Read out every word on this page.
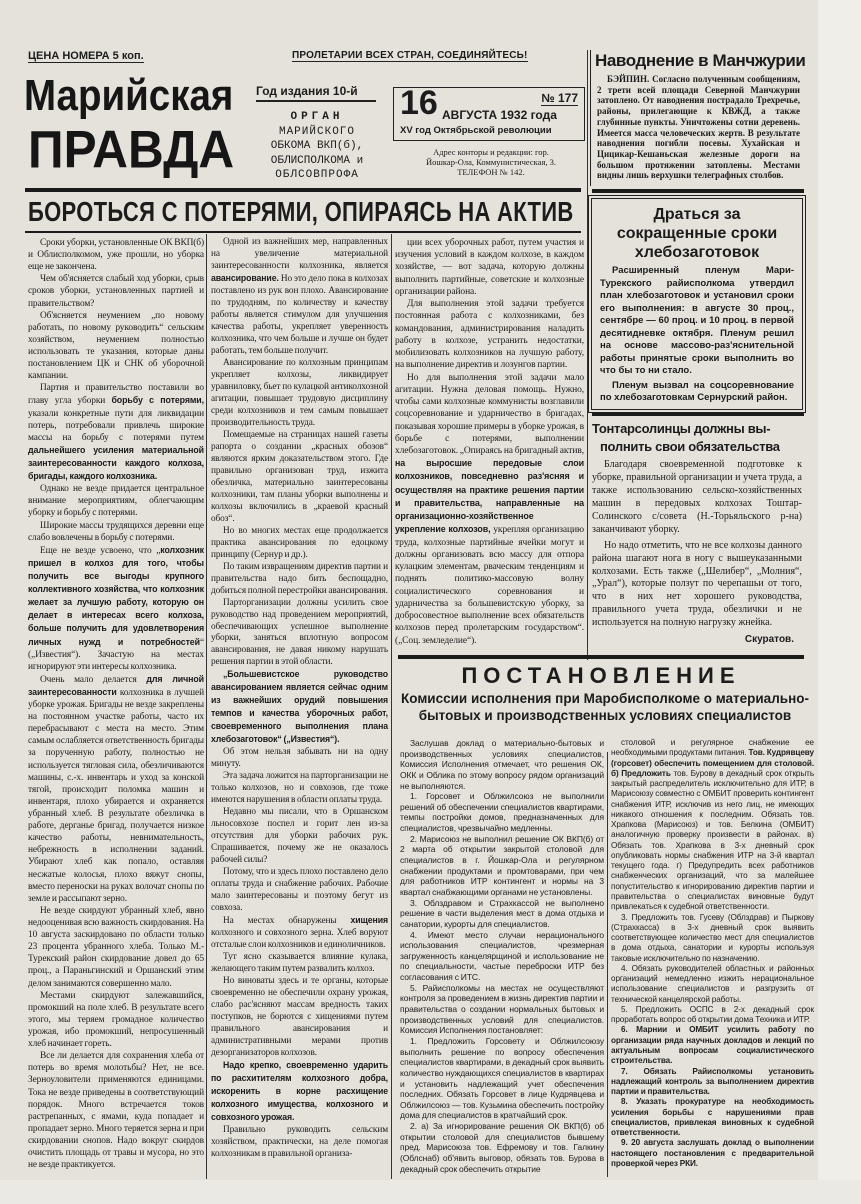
ЦЕНА НОМЕРА 5 коп.	ПРОЛЕТАРИИ ВСЕХ СТРАН, СОЕДИНЯЙТЕСЬ!
Марийская
ПРАВДА
Год издания 10-й
ОРГАН
МАРИЙСКОГО
ОБКОМА ВКП(б),
ОБЛИСПОЛКОМА и
ОБЛСОВПРОФА
16	№ 177
АВГУСТА 1932 года
XV год Октябрьской революции
Адрес конторы и редакции: гор.
Йошкар-Ола, Коммунистическая, 3.
ТЕЛЕФОН № 142.
Наводнение в Манчжурии

БЭЙПИН. Согласно полученным сообщениям, 2 трети всей площади Северной Манчжурии затоплено. От наводнения пострадало Трехречье, районы, прилегающие к КВЖД, а также глубинные пункты. Уничтожены сотни деревень. Имеется масса человеческих жертв. В результате наводнения погибли посевы. Хухайская и Цицикар-Кешаньская железные дороги на большом протяжении затоплены. Местами видны лишь верхушки телеграфных столбов.

БОРОТЬСЯ С ПОТЕРЯМИ, ОПИРАЯСЬ НА АКТИВ

Сроки уборки, установленные ОК ВКП(б) и Облисполкомом, уже прошли, но уборка еще не закончена.

Чем об'ясняется слабый ход уборки, срыв сроков уборки, установленных партией и правительством?

Об'ясняется неумением „по новому работать, по новому руководить“ сельским хозяйством, неумением полностью использовать те указания, которые даны постановлением ЦК и СНК об уборочной кампании.

Партия и правительство поставили во главу угла уборки борьбу с потерями, указали конкретные пути для ликвидации потерь, потребовали привлечь широкие массы на борьбу с потерями путем дальнейшего усиления материальной заинтересованности каждого колхоза, бригады, каждого колхозника.

Однако не везде придается центральное внимание мероприятиям, облегчающим уборку и борьбу с потерями.

Широкие массы трудящихся деревни еще слабо вовлечены в борьбу с потерями.

Еще не везде усвоено, что „колхозник пришел в колхоз для того, чтобы получить все выгоды крупного коллективного хозяйства, что колхозник желает за лучшую работу, которую он делает в интересах всего колхоза, больше получить для удовлетворения личных нужд и потребностей“ („Известия“). Зачастую на местах игнорируют эти интересы колхозника.

Очень мало делается для личной заинтересованности колхозника в лучшей уборке урожая. Бригады не везде закреплены на постоянном участке работы, часто их перебрасывают с места на место. Этим самым ослабляется ответственность бригады за порученную работу, полностью не используется тягловая сила, обезличиваются машины, с.-х. инвентарь и уход за конской тягой, происходит поломка машин и инвентаря, плохо убирается и охраняется убранный хлеб. В результате обезличка в работе, дерганье бригад, получается низкое качество работы, невнимательность, небрежность в исполнении заданий. Убирают хлеб как попало, оставляя несжатые колосья, плохо вяжут снопы, вместо переноски на руках волочат снопы по земле и рассыпают зерно.

Не везде скирдуют убранный хлеб, явно недооценивая всю важность скирдования. На 10 августа заскирдовано по области только 23 процента убранного хлеба. Только М.-Турекский район скирдование довел до 65 проц., а Параньгинский и Оршанский этим делом занимаются совершенно мало.

Местами скирдуют залежавшийся, промокший на поле хлеб. В результате всего этого, мы теряем громадное количество урожая, ибо промокший, непросушенный хлеб начинает гореть.

Все ли делается для сохранения хлеба от потерь во время молотьбы? Нет, не все. Зерноуловители применяются единицами. Тока не везде приведены в соответствующий порядок. Много встречается токов растрепанных, с ямами, куда попадает и пропадает зерно. Много теряется зерна и при скирдовании снопов. Надо вокруг скирдов очистить площадь от травы и мусора, но это не везде практикуется.

Одной из важнейших мер, направленных на увеличение материальной заинтересованности колхозника, является авансирование. Но это дело пока в колхозах поставлено из рук вон плохо. Авансирование по трудодням, по количеству и качеству работы является стимулом для улучшения качества работы, укрепляет уверенность колхозника, что чем больше и лучше он будет работать, тем больше получит.

Авансирование по колхозным принципам укрепляет колхозы, ликвидирует уравниловку, бьет по кулацкой антиколхозной агитации, повышает трудовую дисциплину среди колхозников и тем самым повышает производительность труда.

Помещаемые на страницах нашей газеты рапорта о создании „красных обозов“ являются ярким доказательством этого. Где правильно организован труд, изжита обезличка, материально заинтересованы колхозники, там планы уборки выполнены и колхозы включились в „краевой красный обоз“.

Но во многих местах еще продолжается практика авансирования по едоцкому принципу (Сернур и др.).

По таким извращениям директив партии и правительства надо бить беспощадно, добиться полной перестройки авансирования.

Парторганизации должны усилить свое руководство над проведением мероприятий, обеспечивающих успешное выполнение уборки, заняться вплотную вопросом авансирования, не давая никому нарушать решения партии в этой области.

„Большевистское руководство авансированием является сейчас одним из важнейших орудий повышения темпов и качества уборочных работ, своевременного выполнения плана хлебозаготовок“ („Известия“).

Об этом нельзя забывать ни на одну минуту.

Эта задача ложится на парторганизации не только колхозов, но и совхозов, где тоже имеются нарушения в области оплаты труда.

Недавно мы писали, что в Оршанском льносовхозе поспел и горит лен из-за отсутствия для уборки рабочих рук. Спрашивается, почему же не оказалось рабочей силы?

Потому, что и здесь плохо поставлено дело оплаты труда и снабжение рабочих. Рабочие мало заинтересованы и поэтому бегут из совхоза.

На местах обнаружены хищения колхозного и совхозного зерна. Хлеб воруют отсталые слои колхозников и единоличников.

Тут ясно сказывается влияние кулака, желающего таким путем развалить колхоз.

Но виноваты здесь и те органы, которые своевременно не обеспечили охрану урожая, слабо рас'ясняют массам вредность таких поступков, не борются с хищениями путем правильного авансирования и административными мерами против дезорганизаторов колхозов.

Надо крепко, своевременно ударить по расхитителям колхозного добра, искоренить в корне расхищение колхозного имущества, колхозного и совхозного урожая.

Правильно руководить сельским хозяйством, практически, на деле помогая колхозникам в правильной организа-

ции всех уборочных работ, путем участия и изучения условий в каждом колхозе, в каждом хозяйстве, — вот задача, которую должны выполнить партийные, советские и колхозные организации района.

Для выполнения этой задачи требуется постоянная работа с колхозниками, без командования, администрирования наладить работу в колхозе, устранить недостатки, мобилизовать колхозников на лучшую работу, на выполнение директив и лозунгов партии.

Но для выполнения этой задачи мало агитации. Нужна деловая помощь. Нужно, чтобы сами колхозные коммунисты возглавили соцсоревнование и ударничество в бригадах, показывая хорошие примеры в уборке урожая, в борьбе с потерями, выполнении хлебозаготовок. „Опираясь на бригадный актив, на выросшие передовые слои колхозников, повседневно раз'ясняя и осуществляя на практике решения партии и правительства, направленные на организационно-хозяйственное укрепление колхозов, укрепляя организацию труда, колхозные партийные ячейки могут и должны организовать всю массу для отпора кулацким элементам, рваческим тенденциям и поднять политико-массовую волну социалистического соревнования и ударничества за большевистскую уборку, за добросовестное выполнение всех обязательств колхозов перед пролетарским государством“. („Соц. земледелие“).

Драться за сокращенные сроки хлебозаготовок

Расширенный пленум Мари-Турекского райисполкома утвердил план хлебозаготовок и установил сроки его выполнения: в августе 30 проц., сентябре — 60 проц. и 10 проц. в первой десятидневке октября. Пленум решил на основе массово-раз'яснительной работы принятые сроки выполнить во что бы то ни стало.

Пленум вызвал на соцсоревнование по хлебозаготовкам Сернурский район.

Тонтарсолинцы должны вы-
полнить свои обязательства

Благодаря своевременной подготовке к уборке, правильной организации и учета труда, а также использованию сельско-хозяйственных машин в передовых колхозах Тоштар-Солинского с/совета (Н.-Торьяльского р-на) заканчивают уборку.

Но надо отметить, что не все колхозы данного района шагают нога в ногу с вышеуказанными колхозами. Есть также („Шелибер“, „Молния“, „Урал“), которые ползут по черепашьи от того, что в них нет хорошего руководства, правильного учета труда, обезлички и не используется на полную нагрузку жнейка.

Скуратов.
ПОСТАНОВЛЕНИЕ
Комиссии исполнения при Маробисполкоме о материально-бытовых и производственных условиях специалистов

Заслушав доклад о материально-бытовых и производственных условиях специалистов, Комиссия Исполнения отмечает, что решения ОК, ОКК и Облика по этому вопросу рядом организаций не выполняются.

1. Горсовет и Облжилсоюз не выполнили решений об обеспечении специалистов квартирами, темпы постройки домов, предназначенных для специалистов, чрезвычайно медленны.

2. Марисоюз не выполнил решение ОК ВКП(б) от 2 марта об открытии закрытой столовой для специалистов в г. Йошкар-Ола и регулярном снабжении продуктами и промтоварами, при чем для работников ИТР контингент и нормы на 3 квартал снабжающими органами не установлены.

3. Облздравом и Страхкассой не выполнено решение в части выделения мест в дома отдыха и санатории, курорты для специалистов.

4. Имеют место случаи нерационального использования специалистов, чрезмерная загруженность канцелярщиной и использование не по специальности, частые переброски ИТР без согласования с ИТС.

5. Райисполкомы на местах не осуществляют контроля за проведением в жизнь директив партии и правительства о создании нормальных бытовых и производственных условий для специалистов. Комиссия Исполнения постановляет:

1. Предложить Горсовету и Облжилсоюзу выполнить решение по вопросу обеспечения специалистов квартирами, в декадный срок выявить количество нуждающихся специалистов в квартирах и установить надлежащий учет обеспечения последних. Обязать Горсовет в лице Кудрявцева и Облжилсоюз — тов. Кузьмина обеспечить постройку дома для специалистов в кратчайший срок.

2. а) За игнорирование решения ОК ВКП(б) об открытии столовой для специалистов бывшему пред. Марисоюза тов. Ефремову и тов. Галкину (Облснаб) об'явить выговор, обязать тов. Бурова в декадный срок обеспечить открытие

столовой и регулярное снабжение ее необходимыми продуктами питания. Тов. Кудрявцеву (горсовет) обеспечить помещением для столовой. б) Предложить тов. Бурову в декадный срок открыть закрытый распределитель исключительно для ИТР, в Марисоюзу совместно с ОМБИТ проверить контингент снабжения ИТР, исключив из него лиц, не имеющих никакого отношения к последним. Обязать тов. Храпкова (Марисоюз) и тов. Белкина (ОМБИТ) аналогичную проверку произвести в районах. в) Обязать тов. Храпкова в 3-х дневный срок опубликовать нормы снабжения ИТР на 3-й квартал текущего года. г) Предупредить всех работников снабженческих организаций, что за малейшее попустительство к игнорированию директив партии и правительства о специалистах виновные будут привлекаться к судебной ответственности.

3. Предложить тов. Гусеву (Облздрав) и Пыркову (Страхкасса) в 3-х дневный срок выявить соответствующее количество мест для специалистов в дома отдыха, санатории и курорты используя таковые исключительно по назначению.

4. Обязать руководителей областных и районных организаций немедленно изжить нерациональное использование специалистов и разгрузить от технической канцелярской работы.

5. Предложить ОСПС в 2-х декадный срок проработать вопрос об открытии дома Техника и ИТР.

6. Марнии и ОМБИТ усилить работу по организации ряда научных докладов и лекций по актуальным вопросам социалистического строительства.

7. Обязать Райисполкомы установить надлежащий контроль за выполнением директив партии и правительства.

8. Указать прокуратуре на необходимость усиления борьбы с нарушениями прав специалистов, привлекая виновных к судебной ответственности.

9. 20 августа заслушать доклад о выполнении настоящего постановления с предварительной проверкой через РКИ.
